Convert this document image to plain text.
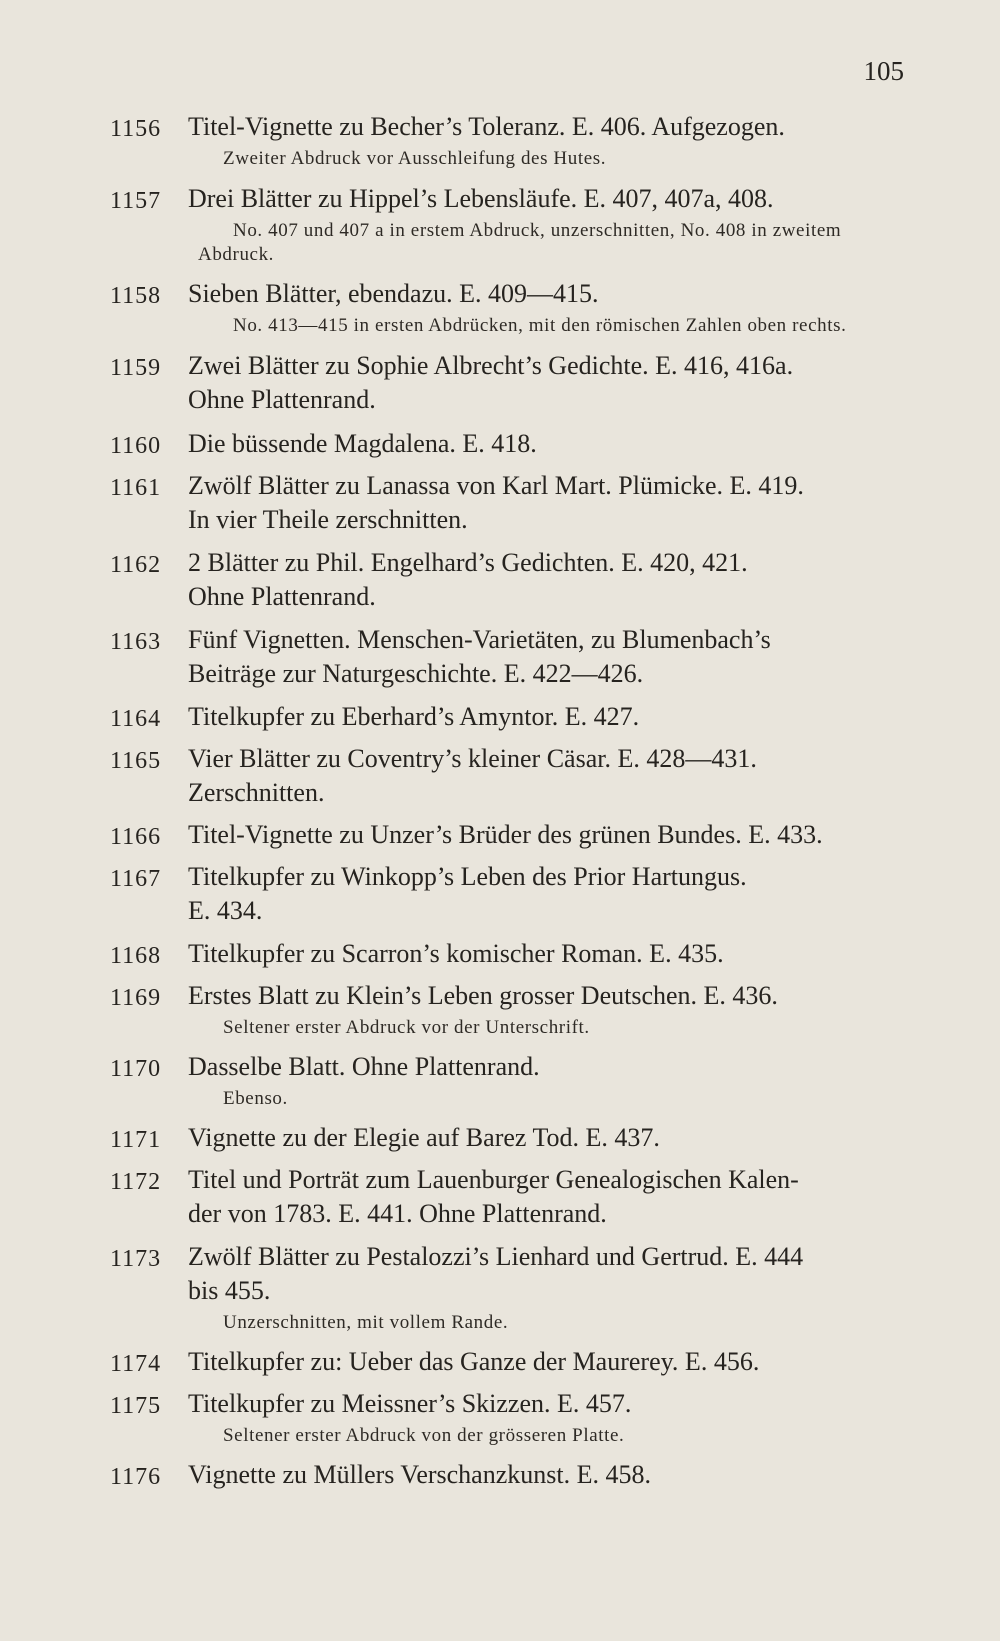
105
1156 Titel-Vignette zu Becher’s Toleranz. E. 406. Aufgezogen.
Zweiter Abdruck vor Ausschleifung des Hutes.
1157 Drei Blätter zu Hippel’s Lebensläufe. E. 407, 407a, 408.
No. 407 und 407 a in erstem Abdruck, unzerschnitten, No. 408 in zweitem Abdruck.
1158 Sieben Blätter, ebendazu. E. 409—415.
No. 413—415 in ersten Abdrücken, mit den römischen Zahlen oben rechts.
1159 Zwei Blätter zu Sophie Albrecht’s Gedichte. E. 416, 416a.
Ohne Plattenrand.
1160 Die büssende Magdalena. E. 418.
1161 Zwölf Blätter zu Lanassa von Karl Mart. Plümicke. E. 419.
In vier Theile zerschnitten.
1162 2 Blätter zu Phil. Engelhard’s Gedichten. E. 420, 421.
Ohne Plattenrand.
1163 Fünf Vignetten. Menschen-Varietäten, zu Blumenbach’s
Beiträge zur Naturgeschichte. E. 422—426.
1164 Titelkupfer zu Eberhard’s Amyntor. E. 427.
1165 Vier Blätter zu Coventry’s kleiner Cäsar. E. 428—431.
Zerschnitten.
1166 Titel-Vignette zu Unzer’s Brüder des grünen Bundes. E. 433.
1167 Titelkupfer zu Winkopp’s Leben des Prior Hartungus.
E. 434.
1168 Titelkupfer zu Scarron’s komischer Roman. E. 435.
1169 Erstes Blatt zu Klein’s Leben grosser Deutschen. E. 436.
Seltener erster Abdruck vor der Unterschrift.
1170 Dasselbe Blatt. Ohne Plattenrand.
Ebenso.
1171 Vignette zu der Elegie auf Barez Tod. E. 437.
1172 Titel und Porträt zum Lauenburger Genealogischen Kalen-
der von 1783. E. 441. Ohne Plattenrand.
1173 Zwölf Blätter zu Pestalozzi’s Lienhard und Gertrud. E. 444
bis 455.
Unzerschnitten, mit vollem Rande.
1174 Titelkupfer zu: Ueber das Ganze der Maurerey. E. 456.
1175 Titelkupfer zu Meissner’s Skizzen. E. 457.
Seltener erster Abdruck von der grösseren Platte.
1176 Vignette zu Müllers Verschanzkunst. E. 458.
